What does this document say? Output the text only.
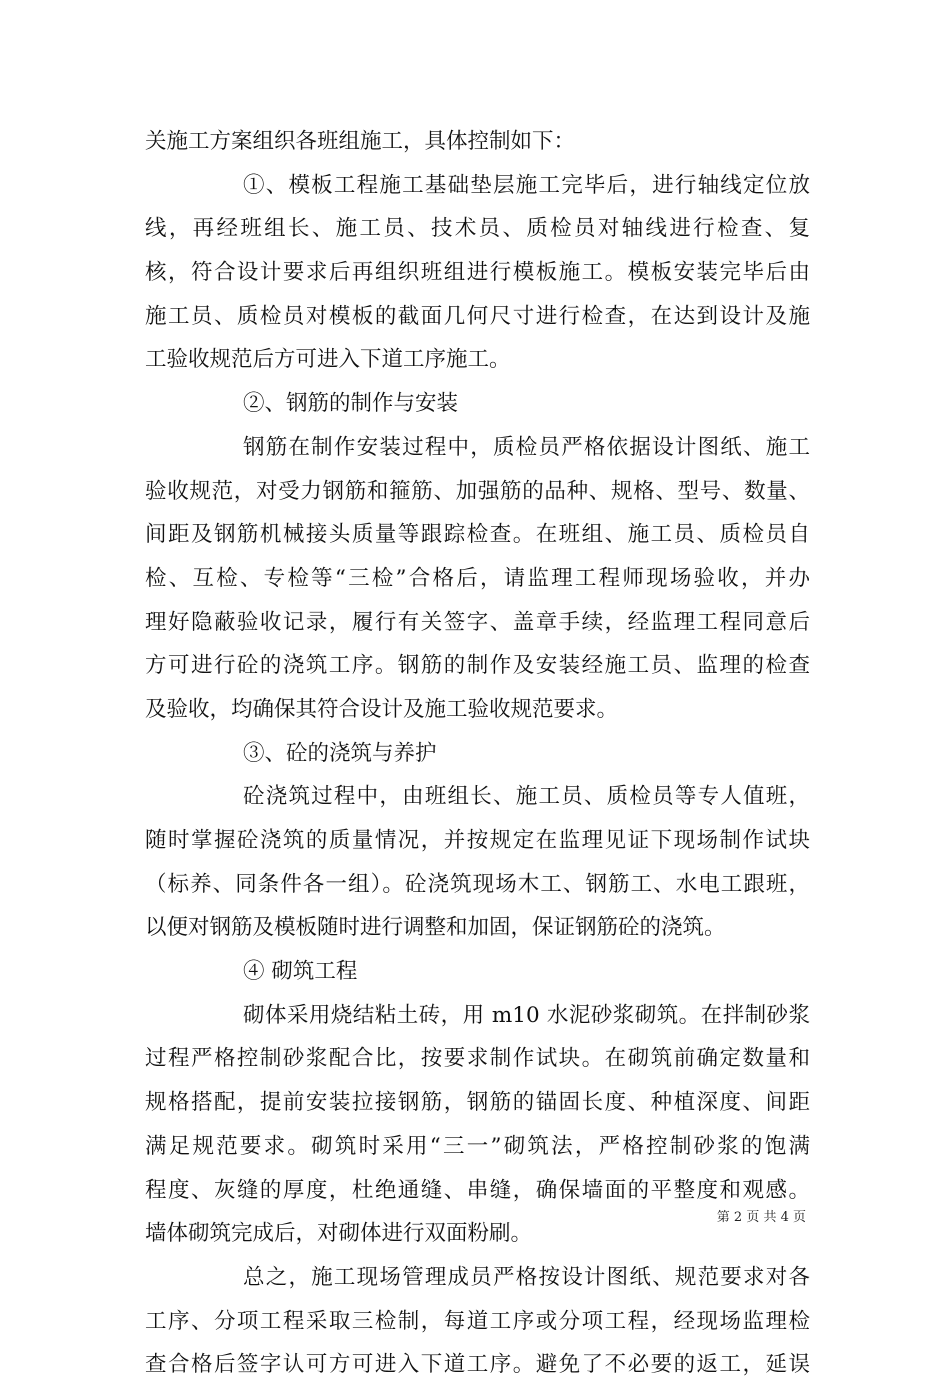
关施工方案组织各班组施工，具体控制如下：
①、模板工程施工基础垫层施工完毕后，进行轴线定位放
线，再经班组长、施工员、技术员、质检员对轴线进行检查、复
核，符合设计要求后再组织班组进行模板施工。模板安装完毕后由
施工员、质检员对模板的截面几何尺寸进行检查，在达到设计及施
工验收规范后方可进入下道工序施工。
②、钢筋的制作与安装
钢筋在制作安装过程中，质检员严格依据设计图纸、施工
验收规范，对受力钢筋和箍筋、加强筋的品种、规格、型号、数量、
间距及钢筋机械接头质量等跟踪检查。在班组、施工员、质检员自
检、互检、专检等“三检”合格后，请监理工程师现场验收，并办
理好隐蔽验收记录，履行有关签字、盖章手续，经监理工程同意后
方可进行砼的浇筑工序。钢筋的制作及安装经施工员、监理的检查
及验收，均确保其符合设计及施工验收规范要求。
③、砼的浇筑与养护
砼浇筑过程中，由班组长、施工员、质检员等专人值班，
随时掌握砼浇筑的质量情况，并按规定在监理见证下现场制作试块
（标养、同条件各一组）。砼浇筑现场木工、钢筋工、水电工跟班，
以便对钢筋及模板随时进行调整和加固，保证钢筋砼的浇筑。
④ 砌筑工程
砌体采用烧结粘土砖，用 m10 水泥砂浆砌筑。在拌制砂浆
过程严格控制砂浆配合比，按要求制作试块。在砌筑前确定数量和
规格搭配，提前安装拉接钢筋，钢筋的锚固长度、种植深度、间距
满足规范要求。砌筑时采用“三一”砌筑法，严格控制砂浆的饱满
程度、灰缝的厚度，杜绝通缝、串缝，确保墙面的平整度和观感。
墙体砌筑完成后，对砌体进行双面粉刷。
总之，施工现场管理成员严格按设计图纸、规范要求对各
工序、分项工程采取三检制，每道工序或分项工程，经现场监理检
查合格后签字认可方可进入下道工序。避免了不必要的返工，延误
第 2 页 共 4 页
